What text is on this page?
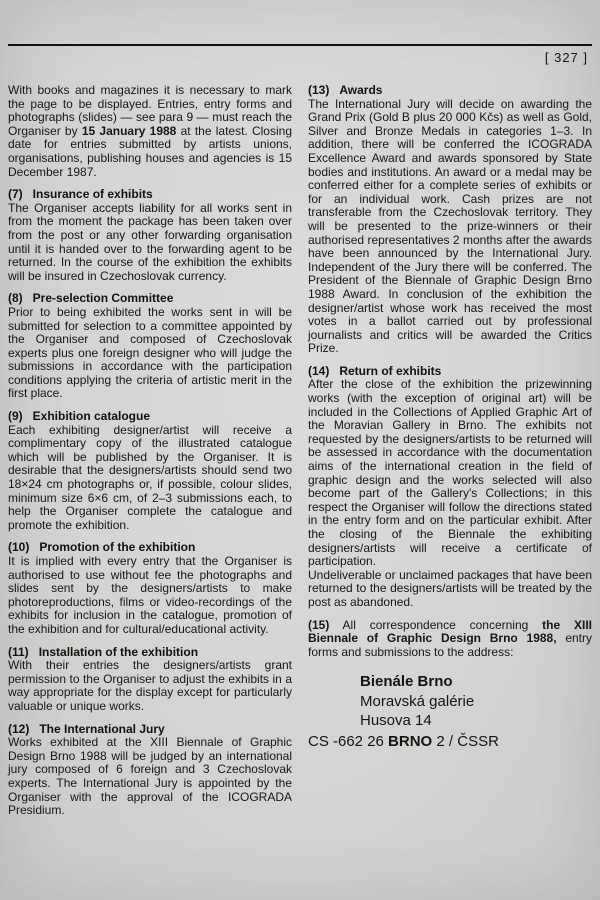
[ 327 ]

With books and magazines it is necessary to mark the page to be displayed. Entries, entry forms and photographs (slides) — see para 9 — must reach the Organiser by 15 January 1988 at the latest. Closing date for entries submitted by artists unions, organisations, publishing houses and agencies is 15 December 1987.

(7) Insurance of exhibits

The Organiser accepts liability for all works sent in from the moment the package has been taken over from the post or any other forwarding organisation until it is handed over to the forwarding agent to be returned. In the course of the exhibition the exhibits will be insured in Czechoslovak currency.

(8) Pre-selection Committee

Prior to being exhibited the works sent in will be submitted for selection to a committee appointed by the Organiser and composed of Czechoslovak experts plus one foreign designer who will judge the submissions in accordance with the participation conditions applying the criteria of artistic merit in the first place.

(9) Exhibition catalogue

Each exhibiting designer/artist will receive a complimentary copy of the illustrated catalogue which will be published by the Organiser. It is desirable that the designers/artists should send two 18×24 cm photographs or, if possible, colour slides, minimum size 6×6 cm, of 2–3 submissions each, to help the Organiser complete the catalogue and promote the exhibition.

(10) Promotion of the exhibition

It is implied with every entry that the Organiser is authorised to use without fee the photographs and slides sent by the designers/artists to make photoreproductions, films or video-recordings of the exhibits for inclusion in the catalogue, promotion of the exhibition and for cultural/educational activity.

(11) Installation of the exhibition

With their entries the designers/artists grant permission to the Organiser to adjust the exhibits in a way appropriate for the display except for particularly valuable or unique works.

(12) The International Jury

Works exhibited at the XIII Biennale of Graphic Design Brno 1988 will be judged by an international jury composed of 6 foreign and 3 Czechoslovak experts. The International Jury is appointed by the Organiser with the approval of the ICOGRADA Presidium.

(13) Awards

The International Jury will decide on awarding the Grand Prix (Gold B plus 20 000 Kčs) as well as Gold, Silver and Bronze Medals in categories 1–3. In addition, there will be conferred the ICOGRADA Excellence Award and awards sponsored by State bodies and institutions. An award or a medal may be conferred either for a complete series of exhibits or for an individual work. Cash prizes are not transferable from the Czechoslovak territory. They will be presented to the prize-winners or their authorised representatives 2 months after the awards have been announced by the International Jury. Independent of the Jury there will be conferred. The President of the Biennale of Graphic Design Brno 1988 Award. In conclusion of the exhibition the designer/artist whose work has received the most votes in a ballot carried out by professional journalists and critics will be awarded the Critics Prize.

(14) Return of exhibits

After the close of the exhibition the prizewinning works (with the exception of original art) will be included in the Collections of Applied Graphic Art of the Moravian Gallery in Brno. The exhibits not requested by the designers/artists to be returned will be assessed in accordance with the documentation aims of the international creation in the field of graphic design and the works selected will also become part of the Gallery's Collections; in this respect the Organiser will follow the directions stated in the entry form and on the particular exhibit. After the closing of the Biennale the exhibiting designers/artists will receive a certificate of participation.

Undeliverable or unclaimed packages that have been returned to the designers/artists will be treated by the post as abandoned.

(15) All correspondence concerning the XIII Biennale of Graphic Design Brno 1988, entry forms and submissions to the address:

Bienále Brno
Moravská galérie
Husova 14
CS -662 26 BRNO 2 / ČSSR
